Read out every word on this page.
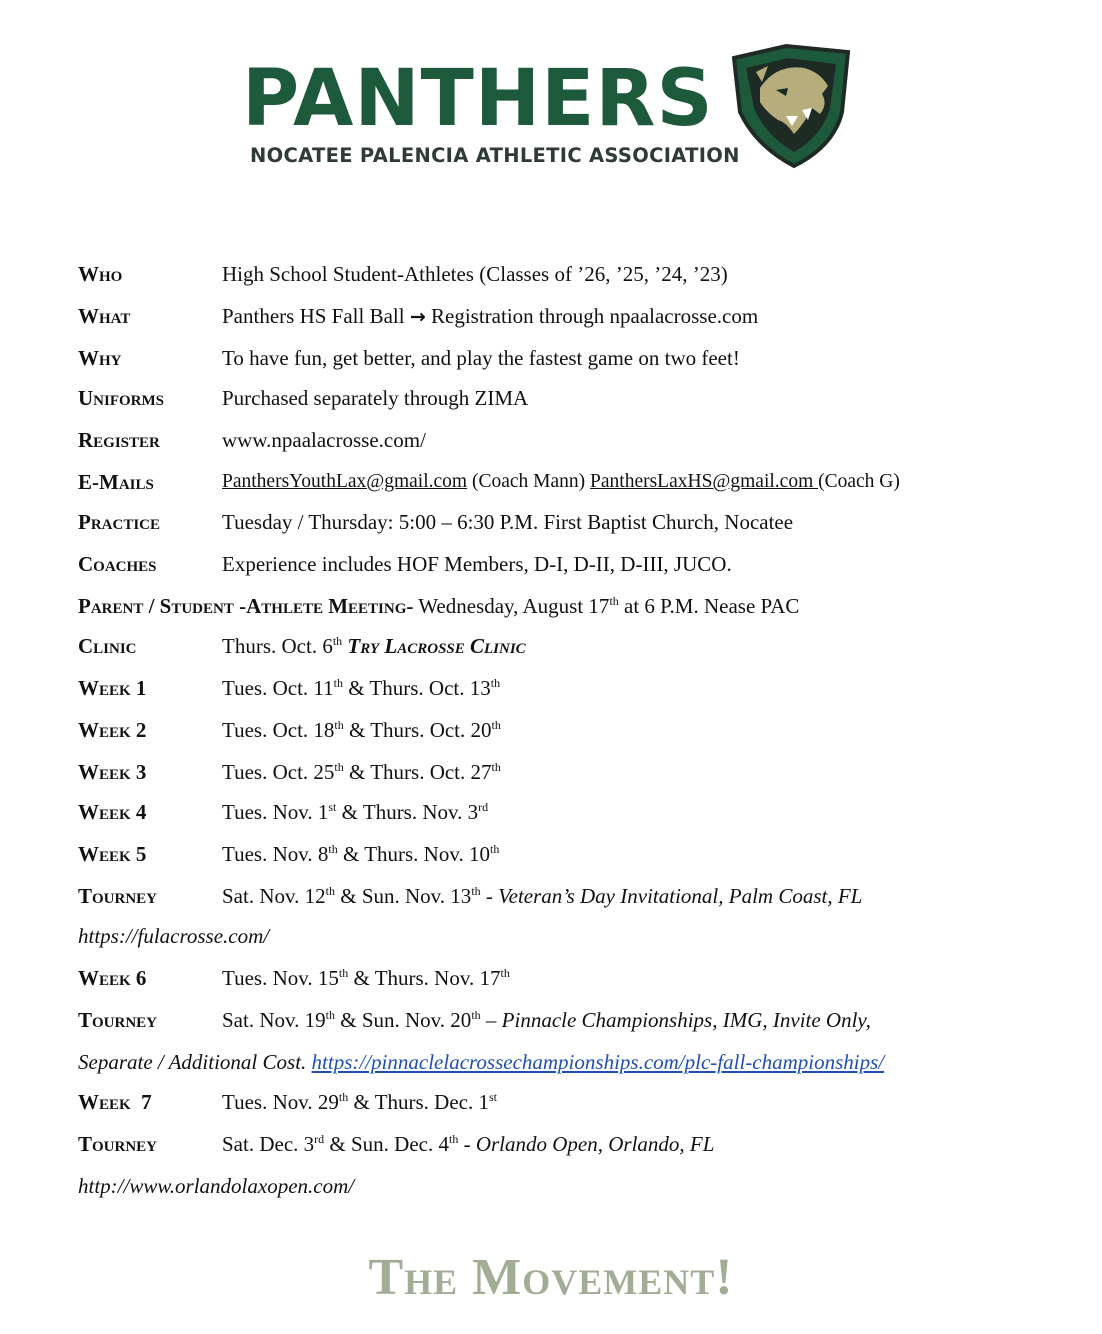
PANTHERS
NOCATEE PALENCIA ATHLETIC ASSOCIATION
Who	High School Student-Athletes (Classes of ’26, ’25, ’24, ’23)
What	Panthers HS Fall Ball → Registration through npaalacrosse.com
Why	To have fun, get better, and play the fastest game on two feet!
Uniforms	Purchased separately through ZIMA
Register	www.npaalacrosse.com/
E-Mails	PanthersYouthLax@gmail.com (Coach Mann) PanthersLaxHS@gmail.com (Coach G)
Practice	Tuesday / Thursday: 5:00 – 6:30 P.M. First Baptist Church, Nocatee
Coaches	Experience includes HOF Members, D-I, D-II, D-III, JUCO.
Parent / Student -Athlete Meeting- Wednesday, August 17th at 6 P.M. Nease PAC
Clinic	Thurs. Oct. 6th Try Lacrosse Clinic
Week 1	Tues. Oct. 11th & Thurs. Oct. 13th
Week 2	Tues. Oct. 18th & Thurs. Oct. 20th
Week 3	Tues. Oct. 25th & Thurs. Oct. 27th
Week 4	Tues. Nov. 1st & Thurs. Nov. 3rd
Week 5	Tues. Nov. 8th & Thurs. Nov. 10th
Tourney	Sat. Nov. 12th & Sun. Nov. 13th - Veteran’s Day Invitational, Palm Coast, FL
https://fulacrosse.com/
Week 6	Tues. Nov. 15th & Thurs. Nov. 17th
Tourney	Sat. Nov. 19th & Sun. Nov. 20th – Pinnacle Championships, IMG, Invite Only,
Separate / Additional Cost. https://pinnaclelacrossechampionships.com/plc-fall-championships/
Week  7	Tues. Nov. 29th & Thurs. Dec. 1st
Tourney	Sat. Dec. 3rd & Sun. Dec. 4th - Orlando Open, Orlando, FL
http://www.orlandolaxopen.com/
The Movement!
